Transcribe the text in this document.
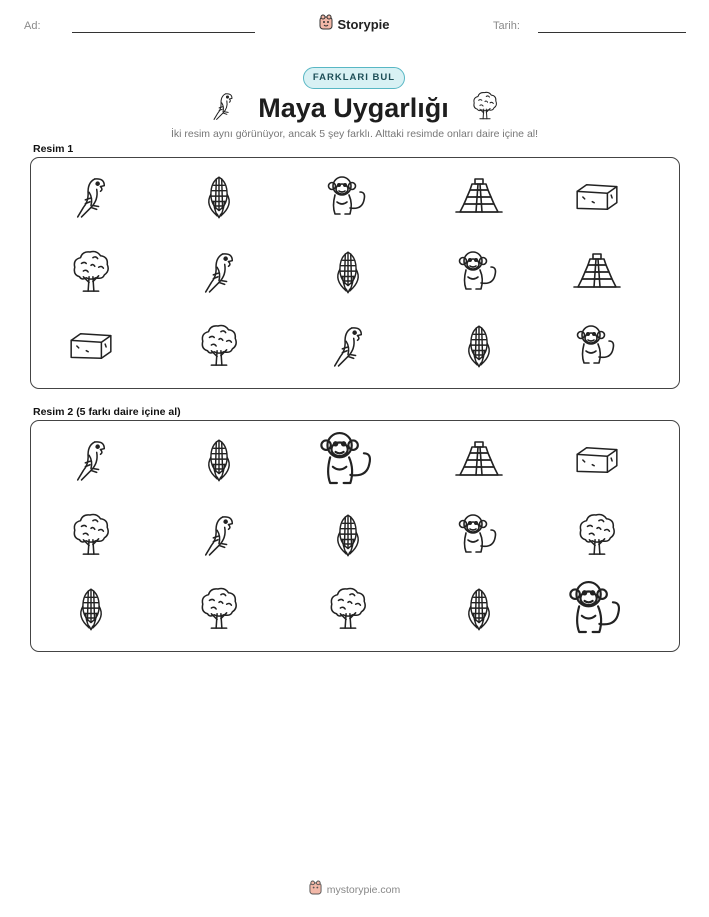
Ad:	Storypie	Tarih:
FARKLARI BUL
Maya Uygarlığı
İki resim aynı görünüyor, ancak 5 şey farklı. Alttaki resimde onları daire içine al!
Resim 1
Resim 2 (5 farkı daire içine al)
mystorypie.com
